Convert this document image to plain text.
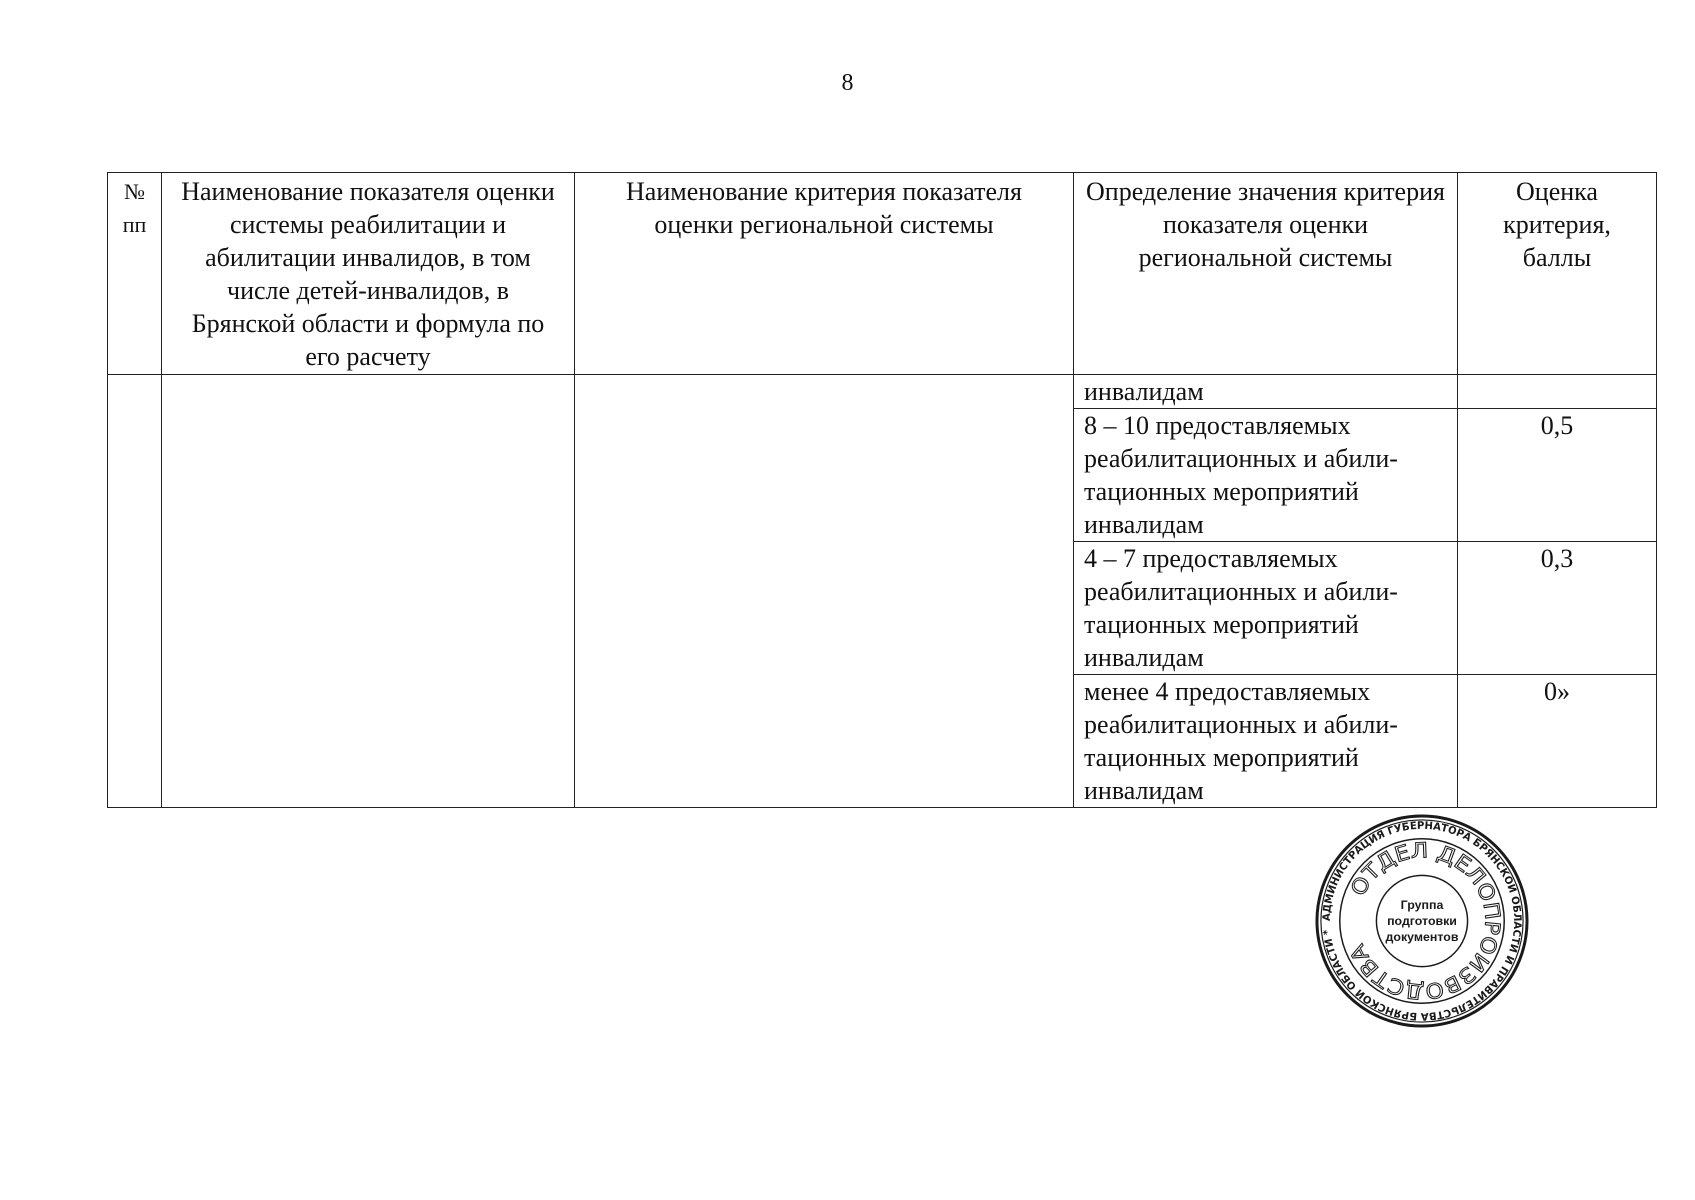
8
№ пп	Наименование показателя оценки системы реабилитации и абилитации инвалидов, в том числе детей-инвалидов, в Брянской области и формула по его расчету	Наименование критерия показателя оценки региональной системы	Определение значения критерия показателя оценки региональной системы	Оценка критерия, баллы
			инвалидам	
			8 – 10 предоставляемых реабилитационных и абили-тационных мероприятий инвалидам	0,5
			4 – 7 предоставляемых реабилитационных и абили-тационных мероприятий инвалидам	0,3
			менее 4 предоставляемых реабилитационных и абили-тационных мероприятий инвалидам	0»
АДМИНИСТРАЦИЯ ГУБЕРНАТОРА БРЯНСКОЙ ОБЛАСТИ И ПРАВИТЕЛЬСТВА БРЯНСКОЙ ОБЛАСТИ *
ОТДЕЛ ДЕЛОПРОИЗВОДСТВА
Группа
подготовки
документов
